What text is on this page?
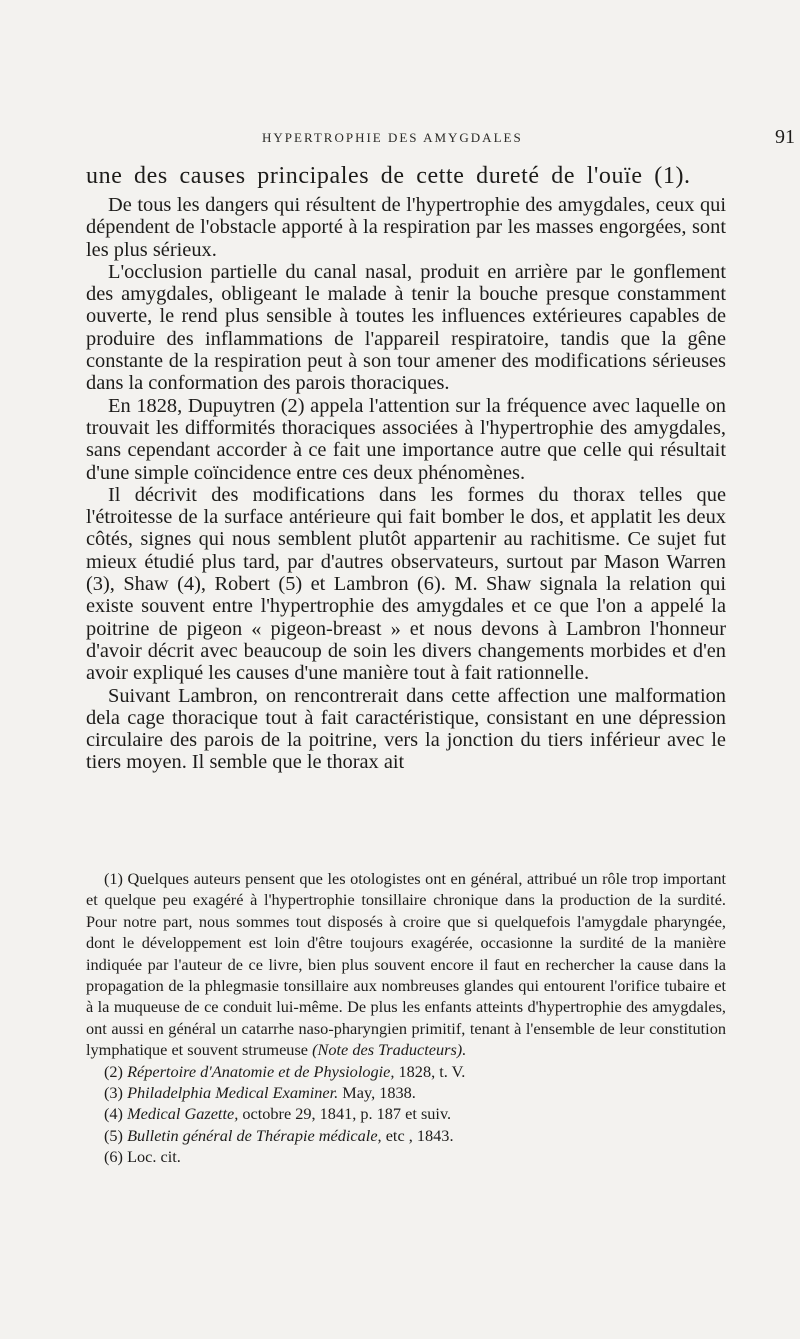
HYPERTROPHIE DES AMYGDALES	91

une des causes principales de cette dureté de l'ouïe (1).

De tous les dangers qui résultent de l'hypertrophie des amygdales, ceux qui dépendent de l'obstacle apporté à la respiration par les masses engorgées, sont les plus sérieux.

L'occlusion partielle du canal nasal, produit en arrière par le gonflement des amygdales, obligeant le malade à tenir la bouche presque constamment ouverte, le rend plus sensible à toutes les influences extérieures capables de produire des inflammations de l'appareil respiratoire, tandis que la gêne constante de la respiration peut à son tour amener des modifications sérieuses dans la conformation des parois thoraciques.

En 1828, Dupuytren (2) appela l'attention sur la fréquence avec laquelle on trouvait les difformités thoraciques associées à l'hypertrophie des amygdales, sans cependant accorder à ce fait une importance autre que celle qui résultait d'une simple coïncidence entre ces deux phénomènes.

Il décrivit des modifications dans les formes du thorax telles que l'étroitesse de la surface antérieure qui fait bomber le dos, et applatit les deux côtés, signes qui nous semblent plutôt appartenir au rachitisme. Ce sujet fut mieux étudié plus tard, par d'autres observateurs, surtout par Mason Warren (3), Shaw (4), Robert (5) et Lambron (6). M. Shaw signala la relation qui existe souvent entre l'hypertrophie des amygdales et ce que l'on a appelé la poitrine de pigeon « pigeon-breast » et nous devons à Lambron l'honneur d'avoir décrit avec beaucoup de soin les divers changements morbides et d'en avoir expliqué les causes d'une manière tout à fait rationnelle.

Suivant Lambron, on rencontrerait dans cette affection une malformation dela cage thoracique tout à fait caractéristique, consistant en une dépression circulaire des parois de la poitrine, vers la jonction du tiers inférieur avec le tiers moyen. Il semble que le thorax ait

(1) Quelques auteurs pensent que les otologistes ont en général, attribué un rôle trop important et quelque peu exagéré à l'hypertrophie tonsillaire chronique dans la production de la surdité. Pour notre part, nous sommes tout disposés à croire que si quelquefois l'amygdale pharyngée, dont le développement est loin d'être toujours exagérée, occasionne la surdité de la manière indiquée par l'auteur de ce livre, bien plus souvent encore il faut en rechercher la cause dans la propagation de la phlegmasie tonsillaire aux nombreuses glandes qui entourent l'orifice tubaire et à la muqueuse de ce conduit lui-même. De plus les enfants atteints d'hypertrophie des amygdales, ont aussi en général un catarrhe naso-pharyngien primitif, tenant à l'ensemble de leur constitution lymphatique et souvent strumeuse (Note des Traducteurs).

(2) Répertoire d'Anatomie et de Physiologie, 1828, t. V.

(3) Philadelphia Medical Examiner. May, 1838.

(4) Medical Gazette, octobre 29, 1841, p. 187 et suiv.

(5) Bulletin général de Thérapie médicale, etc , 1843.

(6) Loc. cit.
